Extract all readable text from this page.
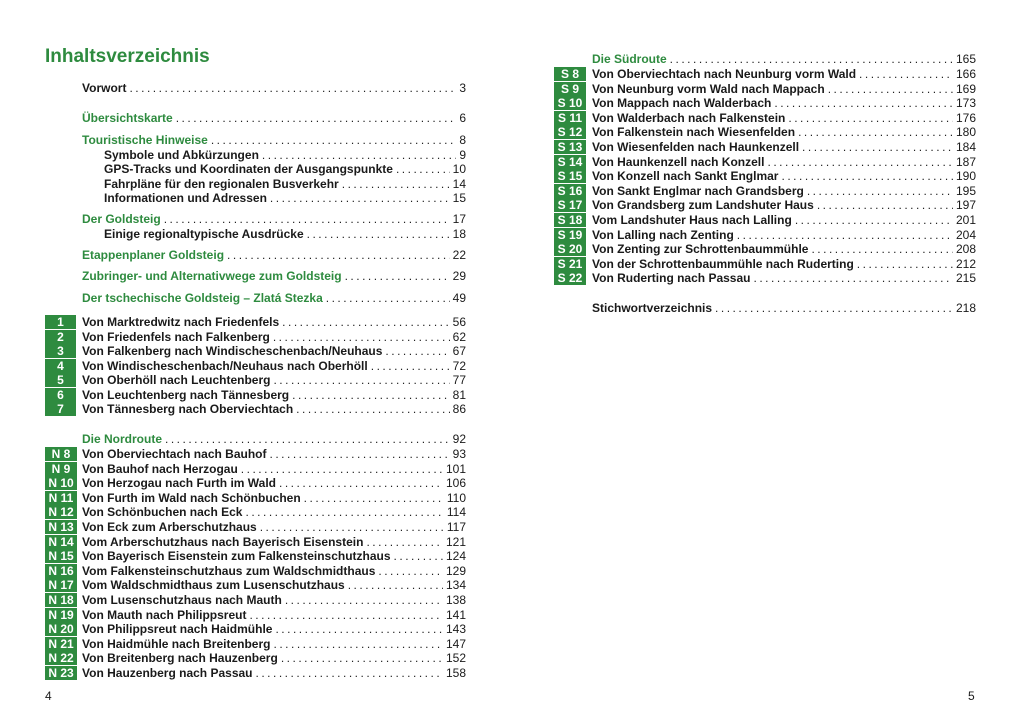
Inhaltsverzeichnis
Vorwort .....	3
Übersichtskarte .....	6
Touristische Hinweise .....	8
Symbole und Abkürzungen .....	9
GPS-Tracks und Koordinaten der Ausgangspunkte .....	10
Fahrpläne für den regionalen Busverkehr .....	14
Informationen und Adressen .....	15
Der Goldsteig .....	17
Einige regionaltypische Ausdrücke .....	18
Etappenplaner Goldsteig .....	22
Zubringer- und Alternativwege zum Goldsteig .....	29
Der tschechische Goldsteig – Zlatá Stezka .....	49
1	Von Marktredwitz nach Friedenfels .....	56
2	Von Friedenfels nach Falkenberg .....	62
3	Von Falkenberg nach Windischeschenbach/Neuhaus .....	67
4	Von Windischeschenbach/Neuhaus nach Oberhöll .....	72
5	Von Oberhöll nach Leuchtenberg .....	77
6	Von Leuchtenberg nach Tännesberg .....	81
7	Von Tännesberg nach Oberviechtach .....	86
Die Nordroute .....	92
N 8 Von Oberviechtach nach Bauhof .....	93
N 9 Von Bauhof nach Herzogau .....	101
N 10 Von Herzogau nach Furth im Wald .....	106
N 11 Von Furth im Wald nach Schönbuchen .....	110
N 12 Von Schönbuchen nach Eck .....	114
N 13 Von Eck zum Arberschutzhaus .....	117
N 14 Vom Arberschutzhaus nach Bayerisch Eisenstein .....	121
N 15 Von Bayerisch Eisenstein zum Falkensteinschutzhaus .....	124
N 16 Vom Falkensteinschutzhaus zum Waldschmidthaus .....	129
N 17 Vom Waldschmidthaus zum Lusenschutzhaus .....	134
N 18 Vom Lusenschutzhaus nach Mauth .....	138
N 19 Von Mauth nach Philippsreut .....	141
N 20 Von Philippsreut nach Haidmühle .....	143
N 21 Von Haidmühle nach Breitenberg .....	147
N 22 Von Breitenberg nach Hauzenberg .....	152
N 23 Von Hauzenberg nach Passau .....	158
4
Die Südroute .....	165
S 8	Von Oberviechtach nach Neunburg vorm Wald .....	166
S 9	Von Neunburg vorm Wald nach Mappach .....	169
S 10 Von Mappach nach Walderbach .....	173
S 11 Von Walderbach nach Falkenstein .....	176
S 12 Von Falkenstein nach Wiesenfelden .....	180
S 13 Von Wiesenfelden nach Haunkenzell .....	184
S 14 Von Haunkenzell nach Konzell .....	187
S 15 Von Konzell nach Sankt Englmar .....	190
S 16 Von Sankt Englmar nach Grandsberg .....	195
S 17 Von Grandsberg zum Landshuter Haus .....	197
S 18 Vom Landshuter Haus nach Lalling .....	201
S 19 Von Lalling nach Zenting .....	204
S 20 Von Zenting zur Schrottenbaummühle .....	208
S 21 Von der Schrottenbaummühle nach Ruderting .....	212
S 22 Von Ruderting nach Passau .....	215
Stichwortverzeichnis .....	218
5
